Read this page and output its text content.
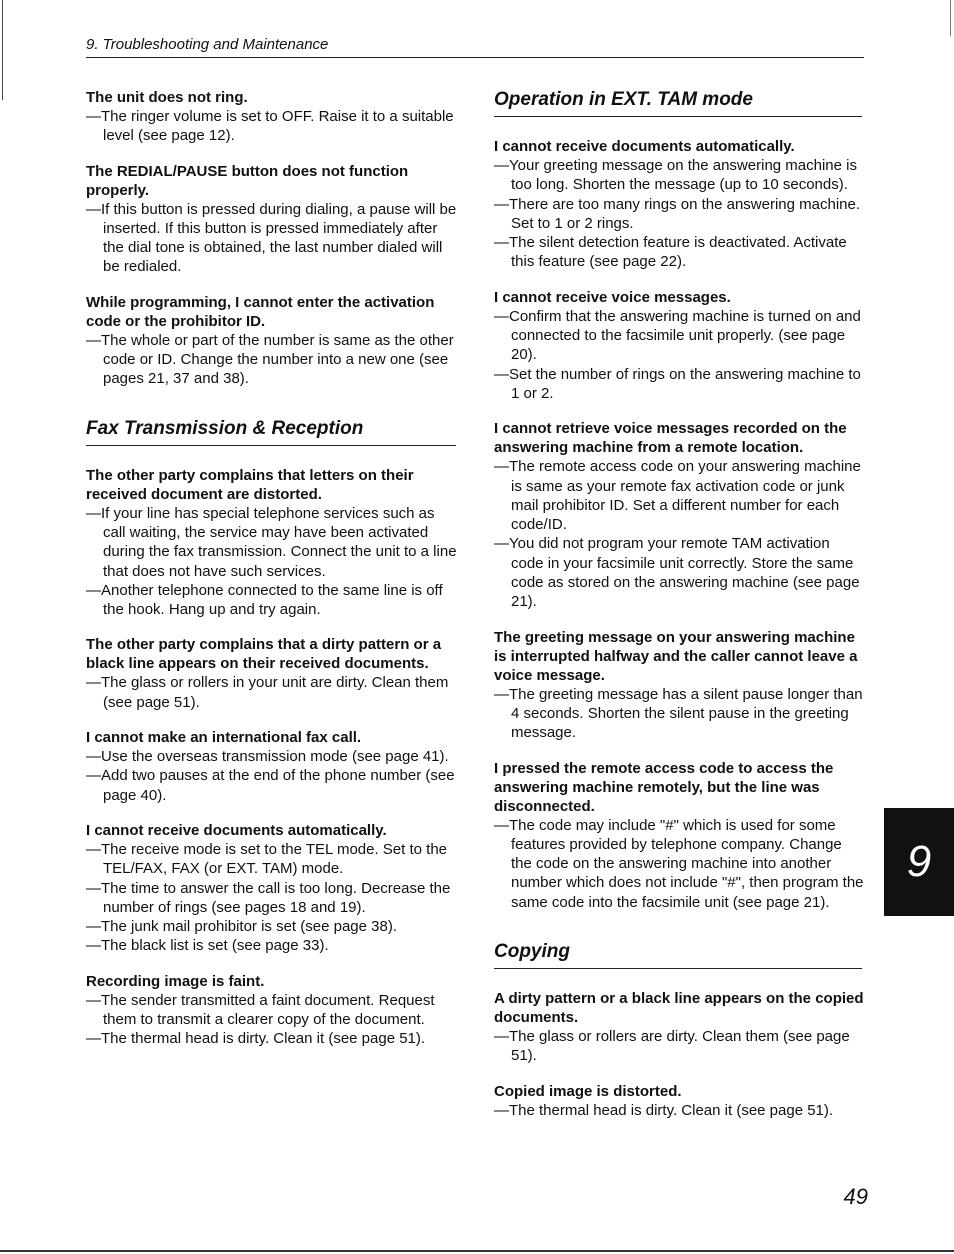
9. Troubleshooting and Maintenance
The unit does not ring.
—The ringer volume is set to OFF. Raise it to a suitable level (see page 12).
The REDIAL/PAUSE button does not function properly.
—If this button is pressed during dialing, a pause will be inserted. If this button is pressed immediately after the dial tone is obtained, the last number dialed will be redialed.
While programming, I cannot enter the activation code or the prohibitor ID.
—The whole or part of the number is same as the other code or ID. Change the number into a new one (see pages 21, 37 and 38).
Fax Transmission & Reception
The other party complains that letters on their received document are distorted.
—If your line has special telephone services such as call waiting, the service may have been activated during the fax transmission. Connect the unit to a line that does not have such services.
—Another telephone connected to the same line is off the hook. Hang up and try again.
The other party complains that a dirty pattern or a black line appears on their received documents.
—The glass or rollers in your unit are dirty. Clean them (see page 51).
I cannot make an international fax call.
—Use the overseas transmission mode (see page 41).
—Add two pauses at the end of the phone number (see page 40).
I cannot receive documents automatically.
—The receive mode is set to the TEL mode. Set to the TEL/FAX, FAX (or EXT. TAM) mode.
—The time to answer the call is too long. Decrease the number of rings (see pages 18 and 19).
—The junk mail prohibitor is set (see page 38).
—The black list is set (see page 33).
Recording image is faint.
—The sender transmitted a faint document. Request them to transmit a clearer copy of the document.
—The thermal head is dirty. Clean it (see page 51).
Operation in EXT. TAM mode
I cannot receive documents automatically.
—Your greeting message on the answering machine is too long. Shorten the message (up to 10 seconds).
—There are too many rings on the answering machine. Set to 1 or 2 rings.
—The silent detection feature is deactivated. Activate this feature (see page 22).
I cannot receive voice messages.
—Confirm that the answering machine is turned on and connected to the facsimile unit properly. (see page 20).
—Set the number of rings on the answering machine to 1 or 2.
I cannot retrieve voice messages recorded on the answering machine from a remote location.
—The remote access code on your answering machine is same as your remote fax activation code or junk mail prohibitor ID. Set a different number for each code/ID.
—You did not program your remote TAM activation code in your facsimile unit correctly. Store the same code as stored on the answering machine (see page 21).
The greeting message on your answering machine is interrupted halfway and the caller cannot leave a voice message.
—The greeting message has a silent pause longer than 4 seconds. Shorten the silent pause in the greeting message.
I pressed the remote access code to access the answering machine remotely, but the line was disconnected.
—The code may include "#" which is used for some features provided by telephone company. Change the code on the answering machine into another number which does not include "#", then program the same code into the facsimile unit (see page 21).
Copying
A dirty pattern or a black line appears on the copied documents.
—The glass or rollers are dirty. Clean them (see page 51).
Copied image is distorted.
—The thermal head is dirty. Clean it (see page 51).
9
49
